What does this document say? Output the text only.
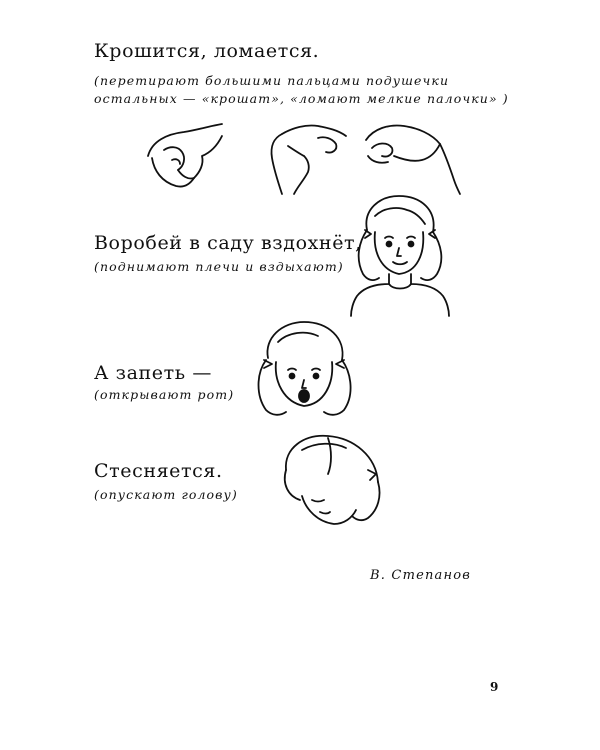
Крошится, ломается.
(перетирают большими пальцами подушечки
остальных — «крошат», «ломают мелкие палочки» )
Воробей в саду вздохнёт,
(поднимают плечи и вздыхают)
А запеть —
(открывают рот)
Стесняется.
(опускают голову)
В. Степанов
9
